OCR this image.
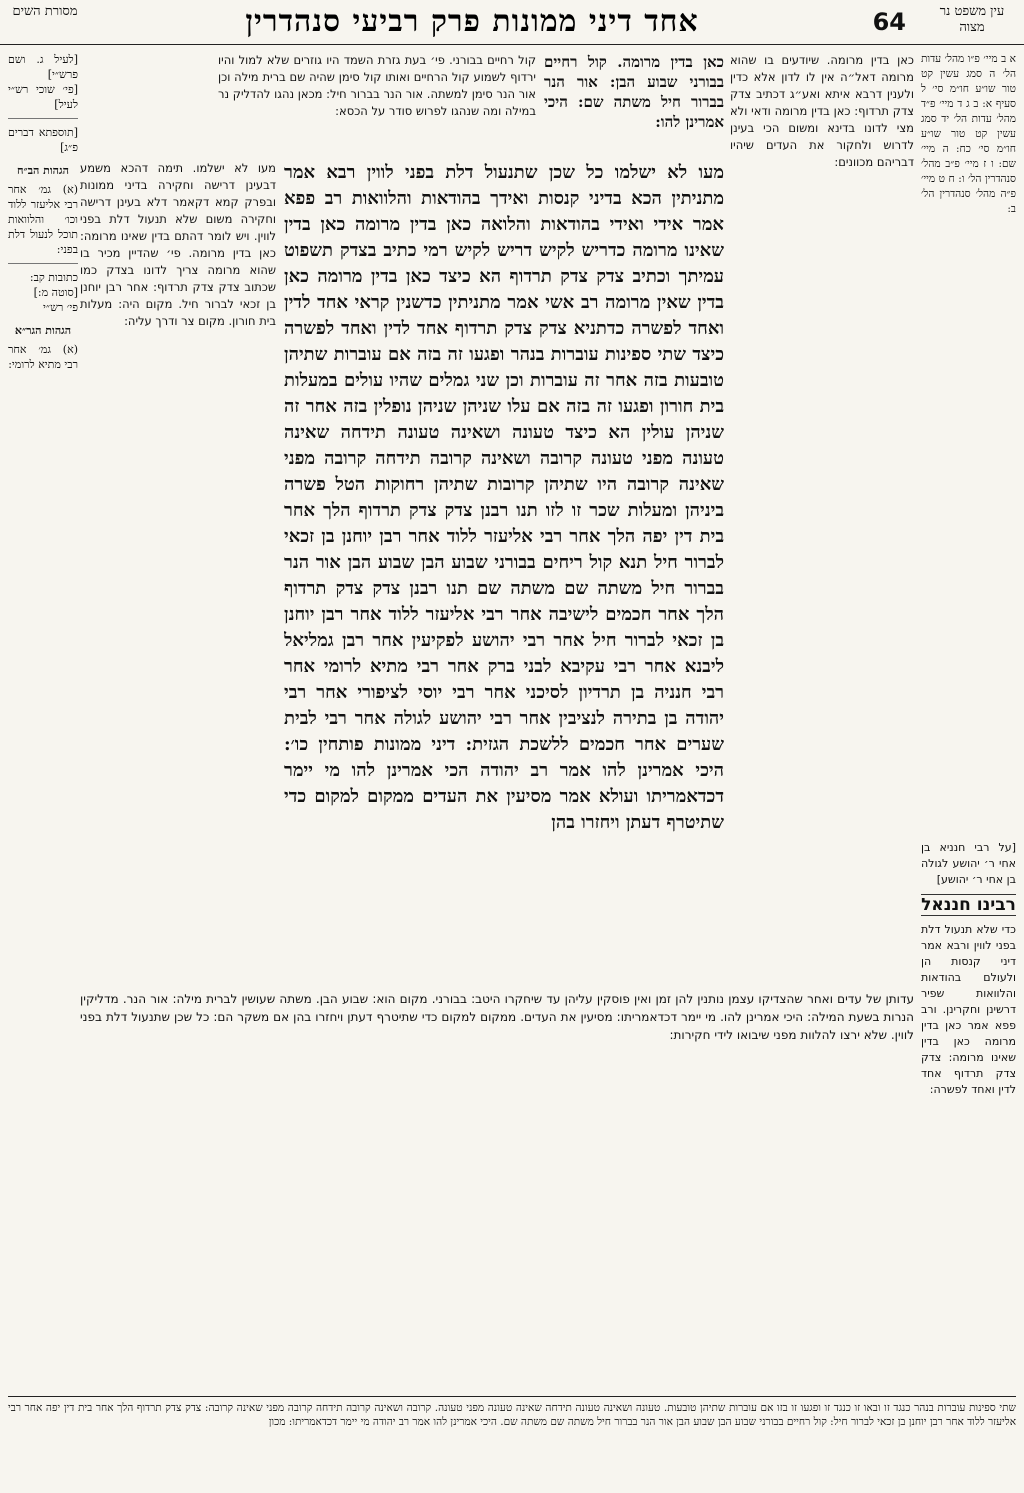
עין משפט נר מצוה
64
אחד דיני ממונות פרק רביעי סנהדרין
מסורת השים
א ב מיי׳ פ״ו מהל׳ עדות הל׳ ה סמג עשין קט טור שו״ע חו״מ סי׳ ל סעיף א: ב ג ד מיי׳ פ״ד מהל׳ עדות הל׳ יד סמג עשין קט טור שו״ע חו״מ סי׳ כח: ה מיי׳ שם: ו ז מיי׳ פ״ב מהל׳ סנהדרין הל׳ ו: ח ט מיי׳ פ״ה מהל׳ סנהדרין הל׳ ב:
כאן בדין מרומה. שיודעים בו שהוא מרומה דאל״ה אין לו לדון אלא כדין ולענין דרבא איתא ואע״ג דכתיב צדק צדק תרדוף: כאן בדין מרומה ודאי ולא מצי לדונו בדינא ומשום הכי בעינן לדרוש ולחקור את העדים שיהיו דבריהם מכוונים:
כאן בדין מרומה. קול רחיים בבורני שבוע הבן: אור הנר בברור חיל משתה שם: היכי אמרינן להו:
קול רחיים בבורני. פי׳ בעת גזרת השמד היו גוזרים שלא למול והיו ירדוף לשמוע קול הרחיים ואותו קול סימן שהיה שם ברית מילה וכן אור הנר סימן למשתה. אור הנר בברור חיל: מכאן נהגו להדליק נר במילה ומה שנהגו לפרוש סודר על הכסא:
מעו לא ישלמו כל שכן שתנעול דלת בפני לווין רבא אמר מתניתין הכא בדיני קנסות ואידך בהודאות והלוואות רב פפא אמר אידי ואידי בהודאות והלואה כאן בדין מרומה כאן בדין שאינו מרומה כדריש לקיש דריש לקיש רמי כתיב בצדק תשפוט עמיתך וכתיב צדק צדק תרדוף הא כיצד כאן בדין מרומה כאן בדין שאין מרומה רב אשי אמר מתניתין כדשנין קראי אחד לדין ואחד לפשרה כדתניא צדק צדק תרדוף אחד לדין ואחד לפשרה כיצד שתי ספינות עוברות בנהר ופגעו זה בזה אם עוברות שתיהן טובעות בזה אחר זה עוברות וכן שני גמלים שהיו עולים במעלות בית חורון ופגעו זה בזה אם עלו שניהן שניהן נופלין בזה אחר זה שניהן עולין הא כיצד טעונה ושאינה טעונה תידחה שאינה טעונה מפני טעונה קרובה ושאינה קרובה תידחה קרובה מפני שאינה קרובה היו שתיהן קרובות שתיהן רחוקות הטל פשרה ביניהן ומעלות שכר זו לזו תנו רבנן צדק צדק תרדוף הלך אחר בית דין יפה הלך אחר רבי אליעזר ללוד אחר רבן יוחנן בן זכאי לברור חיל תנא קול ריחים בבורני שבוע הבן שבוע הבן אור הנר בברור חיל משתה שם משתה שם תנו רבנן צדק צדק תרדוף הלך אחר חכמים לישיבה אחר רבי אליעזר ללוד אחר רבן יוחנן בן זכאי לברור חיל אחר רבי יהושע לפקיעין אחר רבן גמליאל ליבנא אחר רבי עקיבא לבני ברק אחר רבי מתיא לרומי אחר רבי חנניה בן תרדיון לסיכני אחר רבי יוסי לציפורי אחר רבי יהודה בן בתירה לנציבין אחר רבי יהושע לגולה אחר רבי לבית שערים אחר חכמים ללשכת הגזית: דיני ממונות פותחין כו׳: היכי אמרינן להו אמר רב יהודה הכי אמרינן להו מי יימר דכדאמריתו ועולא אמר מסיעין את העדים ממקום למקום כדי שתיטרף דעתן ויחזרו בהן
מעו לא ישלמו. תימה דהכא משמע דבעינן דרישה וחקירה בדיני ממונות ובפרק קמא דקאמר דלא בעינן דרישה וחקירה משום שלא תנעול דלת בפני לווין. ויש לומר דהתם בדין שאינו מרומה: כאן בדין מרומה. פי׳ שהדיין מכיר בו שהוא מרומה צריך לדונו בצדק כמו שכתוב צדק צדק תרדוף: אחר רבן יוחנן בן זכאי לברור חיל. מקום היה: מעלות בית חורון. מקום צר ודרך עליה:
[לעיל ג. ושם פרש״י]
[פי׳ שוכי רש״י לעיל]
[תוספתא דברים פ״ג]
הגהות הב״ח
(א) גמ׳ אחר רבי אליעזר ללוד וכו׳ והלוואות תוכל לנעול דלת בפני:
כתובות קב:
[סוטה מ:]
פי׳ רש״י
הגהות הגר״א
(א) גמ׳ אחר רבי מתיא לרומי:
[על רבי חנניא בן אחי ר׳ יהושע לגולה בן אחי ר׳ יהושע]
רבינו חננאל
כדי שלא תנעול דלת בפני לווין ורבא אמר דיני קנסות הן ולעולם בהודאות והלוואות שפיר דרשינן וחקרינן. ורב פפא אמר כאן בדין מרומה כאן בדין שאינו מרומה: צדק צדק תרדוף אחד לדין ואחד לפשרה:
עדותן של עדים ואחר שהצדיקו עצמן נותנין להן זמן ואין פוסקין עליהן עד שיחקרו היטב: בבורני. מקום הוא: שבוע הבן. משתה שעושין לברית מילה: אור הנר. מדליקין הנרות בשעת המילה: היכי אמרינן להו. מי יימר דכדאמריתו: מסיעין את העדים. ממקום למקום כדי שתיטרף דעתן ויחזרו בהן אם משקר הם: כל שכן שתנעול דלת בפני לווין. שלא ירצו להלוות מפני שיבואו לידי חקירות:
שתי ספינות עוברות בנהר כנגד זו ובאו זו כנגד זו ופגעו זו בזו אם עוברות שתיהן טובעות. טעונה ושאינה טעונה תידחה שאינה טעונה מפני טעונה. קרובה ושאינה קרובה תידחה קרובה מפני שאינה קרובה: צדק צדק תרדוף הלך אחר בית דין יפה אחר רבי אליעזר ללוד אחר רבן יוחנן בן זכאי לברור חיל: קול רחיים בבורני שבוע הבן שבוע הבן אור הנר בברור חיל משתה שם משתה שם. היכי אמרינן להו אמר רב יהודה מי יימר דכדאמריתו: מכון
